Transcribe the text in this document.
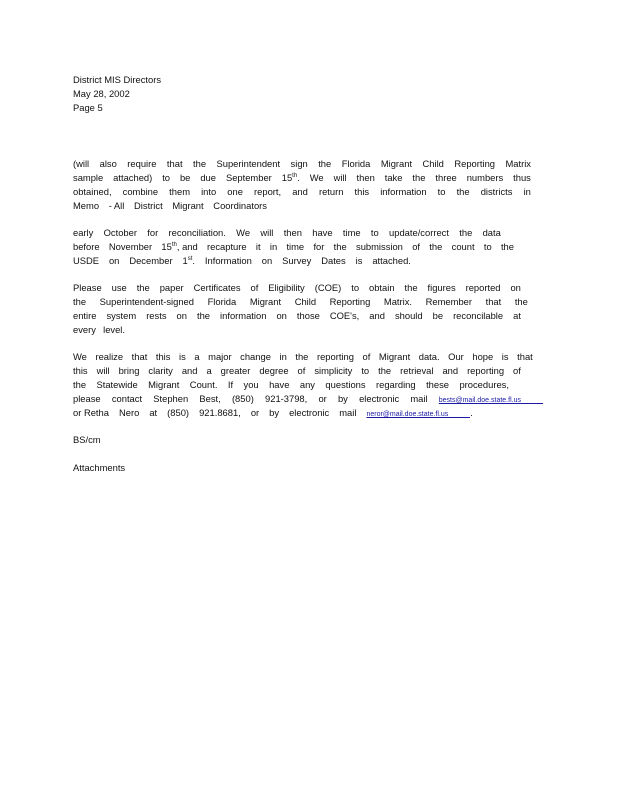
District MIS Directors
May 28, 2002
Page 5
(will also require that the Superintendent sign the Florida Migrant Child Reporting Matrix
sample attached) to be due September 15th. We will then take the three numbers thus
obtained, combine them into one report, and return this information to the districts in
Memo - All District Migrant Coordinators
early October for reconciliation. We will then have time to update/correct the data
before November 15th, and recapture it in time for the submission of the count to the
USDE on December 1st. Information on Survey Dates is attached.
Please use the paper Certificates of Eligibility (COE) to obtain the figures reported on
the Superintendent-signed Florida Migrant Child Reporting Matrix. Remember that the
entire system rests on the information on those COE's, and should be reconcilable at
every level.
We realize that this is a major change in the reporting of Migrant data. Our hope is that
this will bring clarity and a greater degree of simplicity to the retrieval and reporting of
the Statewide Migrant Count. If you have any questions regarding these procedures,
please contact Stephen Best, (850) 921-3798, or by electronic mail bests@mail.doe.state.fl.us
or Retha Nero at (850) 921.8681, or by electronic mail neror@mail.doe.state.fl.us .
BS/cm
Attachments
